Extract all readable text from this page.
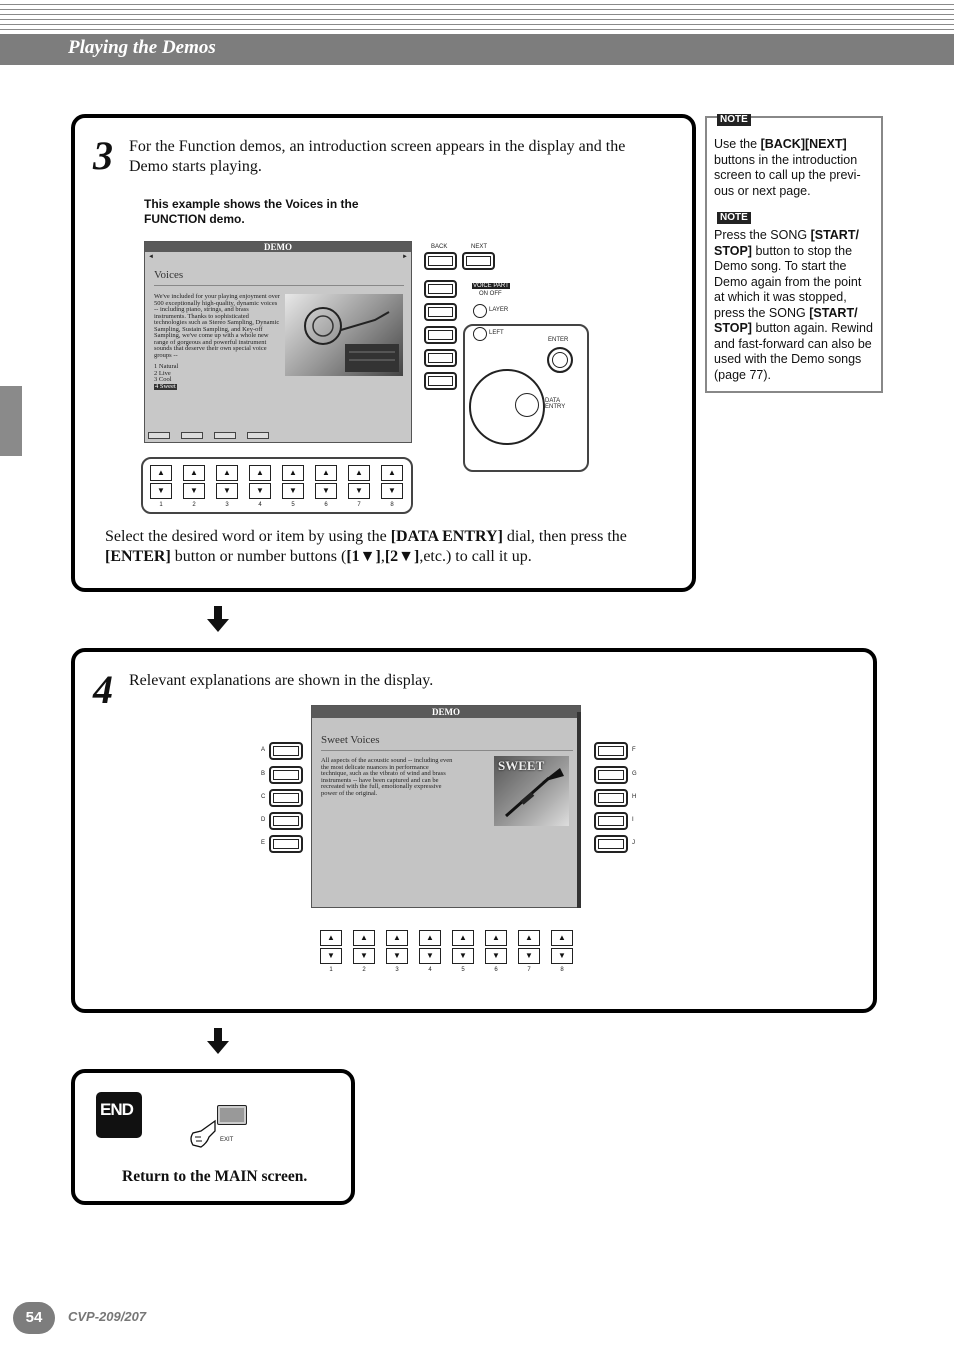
Playing the Demos
3 For the Function demos, an introduction screen appears in the display and the Demo starts playing.
This example shows the Voices in the
FUNCTION demo.
DEMO
◄	►
Voices
We've included for your playing enjoyment over 500 exceptionally high-quality, dynamic voices -- including piano, strings, and brass instruments. Thanks to sophisticated technologies such as Stereo Sampling, Dynamic Sampling, Sustain Sampling, and Key-off Sampling, we've come up with a whole new range of gorgeous and powerful instrument sounds that deserve their own special voice groups --
1 Natural
2 Live
3 Cool
4 Sweet
BACK	NEXT
VOICE PART
ON OFF
LAYER
LEFT
ENTER
DATA ENTRY
▲
▼
1
▲
▼
2
▲
▼
3
▲
▼
4
▲
▼
5
▲
▼
6
▲
▼
7
▲
▼
8
Select the desired word or item by using the [DATA ENTRY] dial, then press the [ENTER] button or number buttons ([1▼],[2▼],etc.) to call it up.
NOTE
Use the [BACK][NEXT] buttons in the introduction screen to call up the previ-ous or next page.
NOTE
Press the SONG [START/ STOP] button to stop the Demo song. To start the Demo again from the point at which it was stopped, press the SONG [START/ STOP] button again. Rewind and fast-forward can also be used with the Demo songs (page 77).
4 Relevant explanations are shown in the display.
A
B
C
D
E
DEMO
Sweet Voices
All aspects of the acoustic sound -- including even the most delicate nuances in performance technique, such as the vibrato of wind and brass instruments -- have been captured and can be recreated with the full, emotionally expressive power of the original.
SWEET
F
G
H
I
J
▲
▼
1
▲
▼
2
▲
▼
3
▲
▼
4
▲
▼
5
▲
▼
6
▲
▼
7
▲
▼
8
END
EXIT
Return to the MAIN screen.
54	CVP-209/207
